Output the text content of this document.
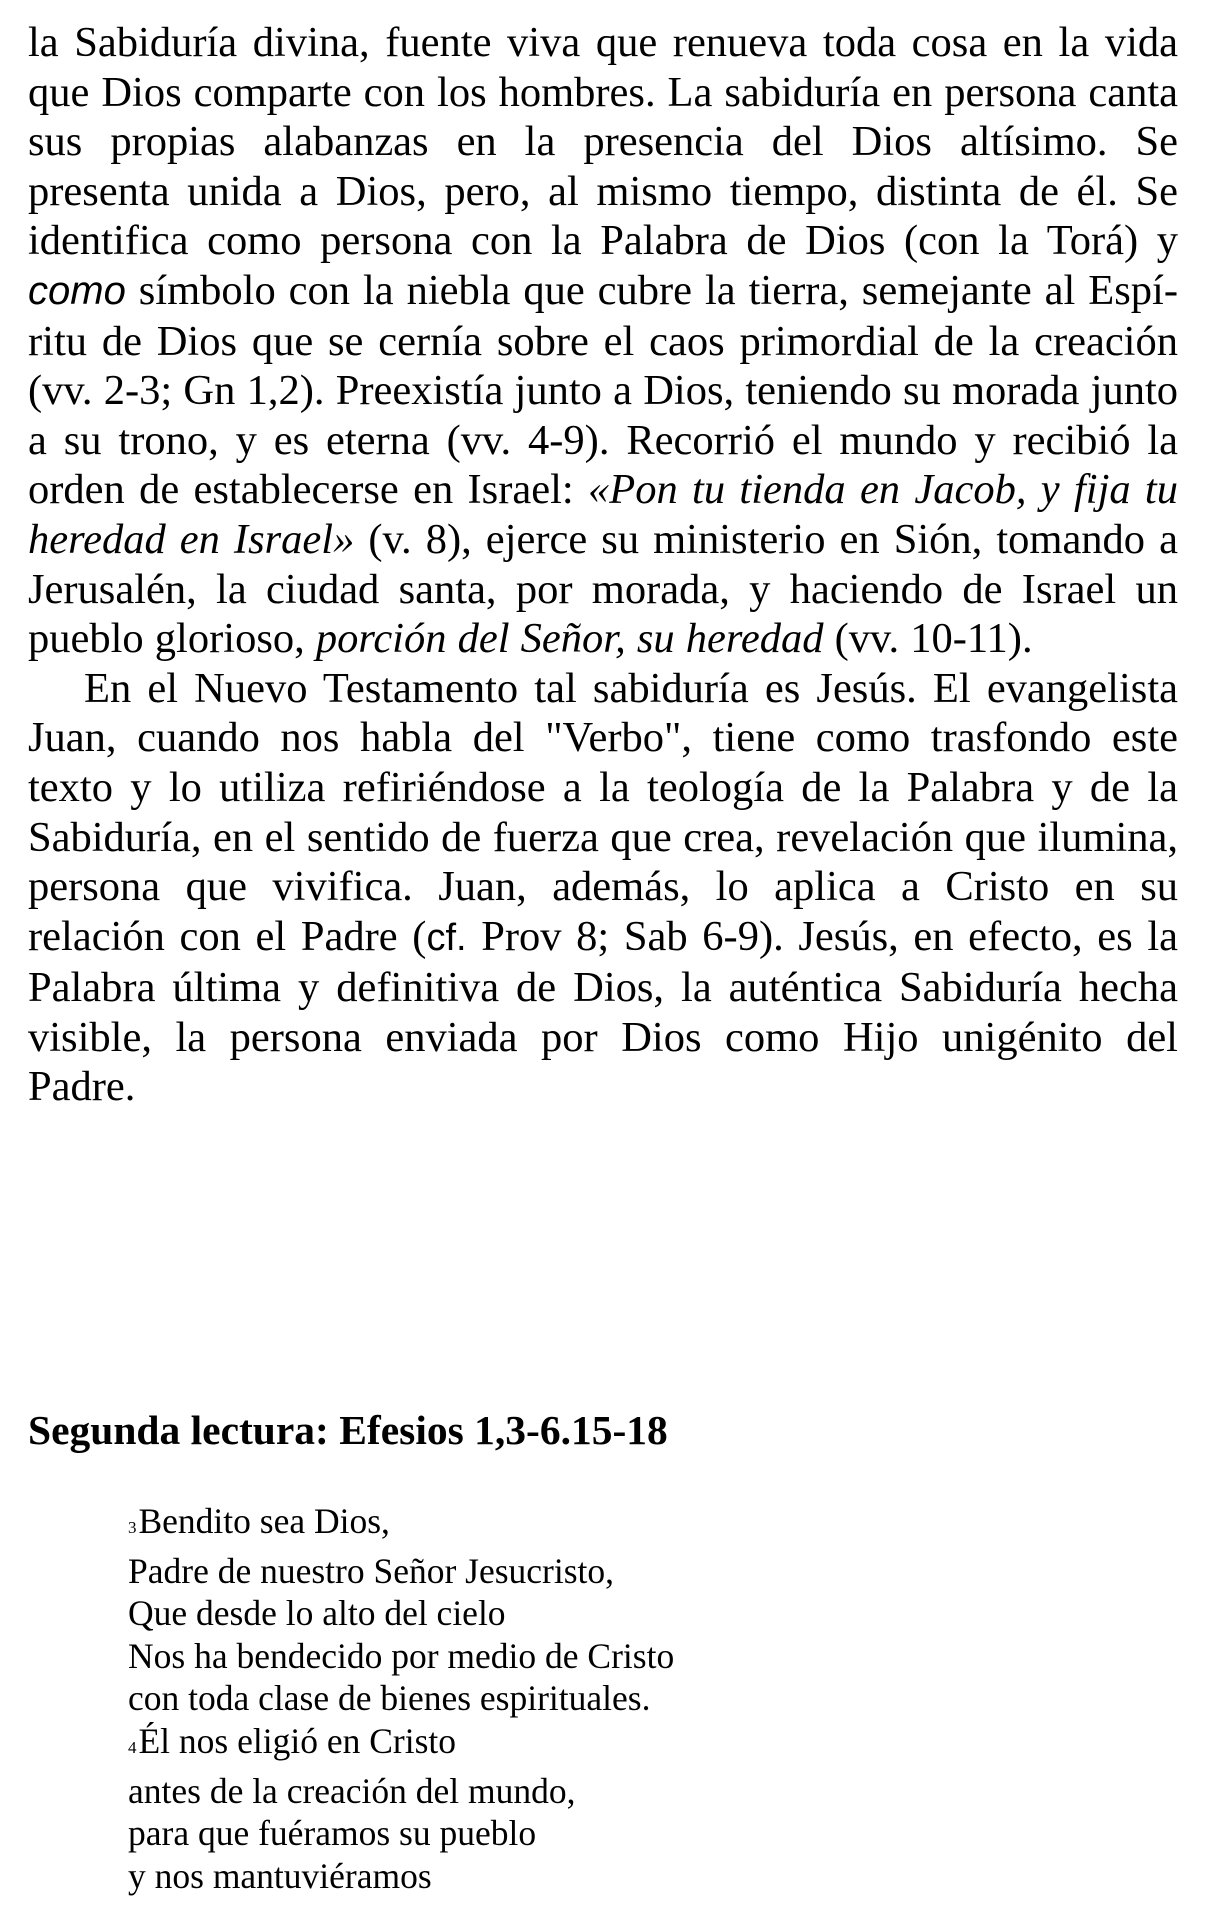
la Sabiduría divina, fuente viva que renueva toda cosa en la vida que Dios comparte con los hombres. La sabiduría en persona canta sus propias alabanzas en la presencia del Dios altísimo. Se presenta unida a Dios, pero, al mismo tiempo, distinta de él. Se identifica como persona con la Palabra de Dios (con la Torá) y como símbolo con la niebla que cubre la tierra, semejante al Espíritu de Dios que se cernía sobre el caos primordial de la creación (vv. 2-3; Gn 1,2). Preexistía junto a Dios, teniendo su morada junto a su trono, y es eterna (vv. 4-9). Recorrió el mundo y recibió la orden de establecerse en Israel: «Pon tu tienda en Jacob, y fija tu heredad en Israel» (v. 8), ejerce su ministerio en Sión, tomando a Jerusalén, la ciudad santa, por morada, y haciendo de Israel un pueblo glorioso, porción del Señor, su heredad (vv. 10-11).

En el Nuevo Testamento tal sabiduría es Jesús. El evangelista Juan, cuando nos habla del "Verbo", tiene como trasfondo este texto y lo utiliza refiriéndose a la teología de la Palabra y de la Sabiduría, en el sentido de fuerza que crea, revelación que ilumina, persona que vivifica. Juan, además, lo aplica a Cristo en su relación con el Padre (cf. Prov 8; Sab 6-9). Jesús, en efecto, es la Palabra última y definitiva de Dios, la auténtica Sabiduría hecha visible, la persona enviada por Dios como Hijo unigénito del Padre.

Segunda lectura: Efesios 1,3-6.15-18
3Bendito sea Dios,
Padre de nuestro Señor Jesucristo,
Que desde lo alto del cielo
Nos ha bendecido por medio de Cristo
con toda clase de bienes espirituales.
4Él nos eligió en Cristo
antes de la creación del mundo,
para que fuéramos su pueblo
y nos mantuviéramos
